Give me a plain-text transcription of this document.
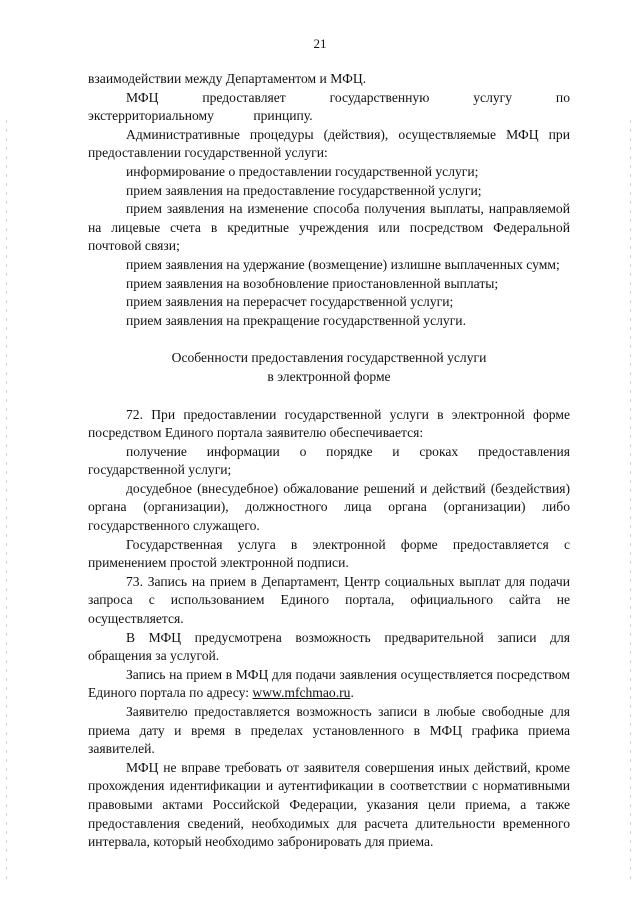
21

взаимодействии между Департаментом и МФЦ.

МФЦ предоставляет государственную услугу по экстерриториальному принципу.

Административные процедуры (действия), осуществляемые МФЦ при предоставлении государственной услуги:

информирование о предоставлении государственной услуги;

прием заявления на предоставление государственной услуги;

прием заявления на изменение способа получения выплаты, направляемой на лицевые счета в кредитные учреждения или посредством Федеральной почтовой связи;

прием заявления на удержание (возмещение) излишне выплаченных сумм;

прием заявления на возобновление приостановленной выплаты;

прием заявления на перерасчет государственной услуги;

прием заявления на прекращение государственной услуги.

Особенности предоставления государственной услуги
в электронной форме

72. При предоставлении государственной услуги в электронной форме посредством Единого портала заявителю обеспечивается:

получение информации о порядке и сроках предоставления государственной услуги;

досудебное (внесудебное) обжалование решений и действий (бездействия) органа (организации), должностного лица органа (организации) либо государственного служащего.

Государственная услуга в электронной форме предоставляется с применением простой электронной подписи.

73. Запись на прием в Департамент, Центр социальных выплат для подачи запроса с использованием Единого портала, официального сайта не осуществляется.

В МФЦ предусмотрена возможность предварительной записи для обращения за услугой.

Запись на прием в МФЦ для подачи заявления осуществляется посредством Единого портала по адресу: www.mfchmao.ru.

Заявителю предоставляется возможность записи в любые свободные для приема дату и время в пределах установленного в МФЦ графика приема заявителей.

МФЦ не вправе требовать от заявителя совершения иных действий, кроме прохождения идентификации и аутентификации в соответствии с нормативными правовыми актами Российской Федерации, указания цели приема, а также предоставления сведений, необходимых для расчета длительности временного интервала, который необходимо забронировать для приема.
